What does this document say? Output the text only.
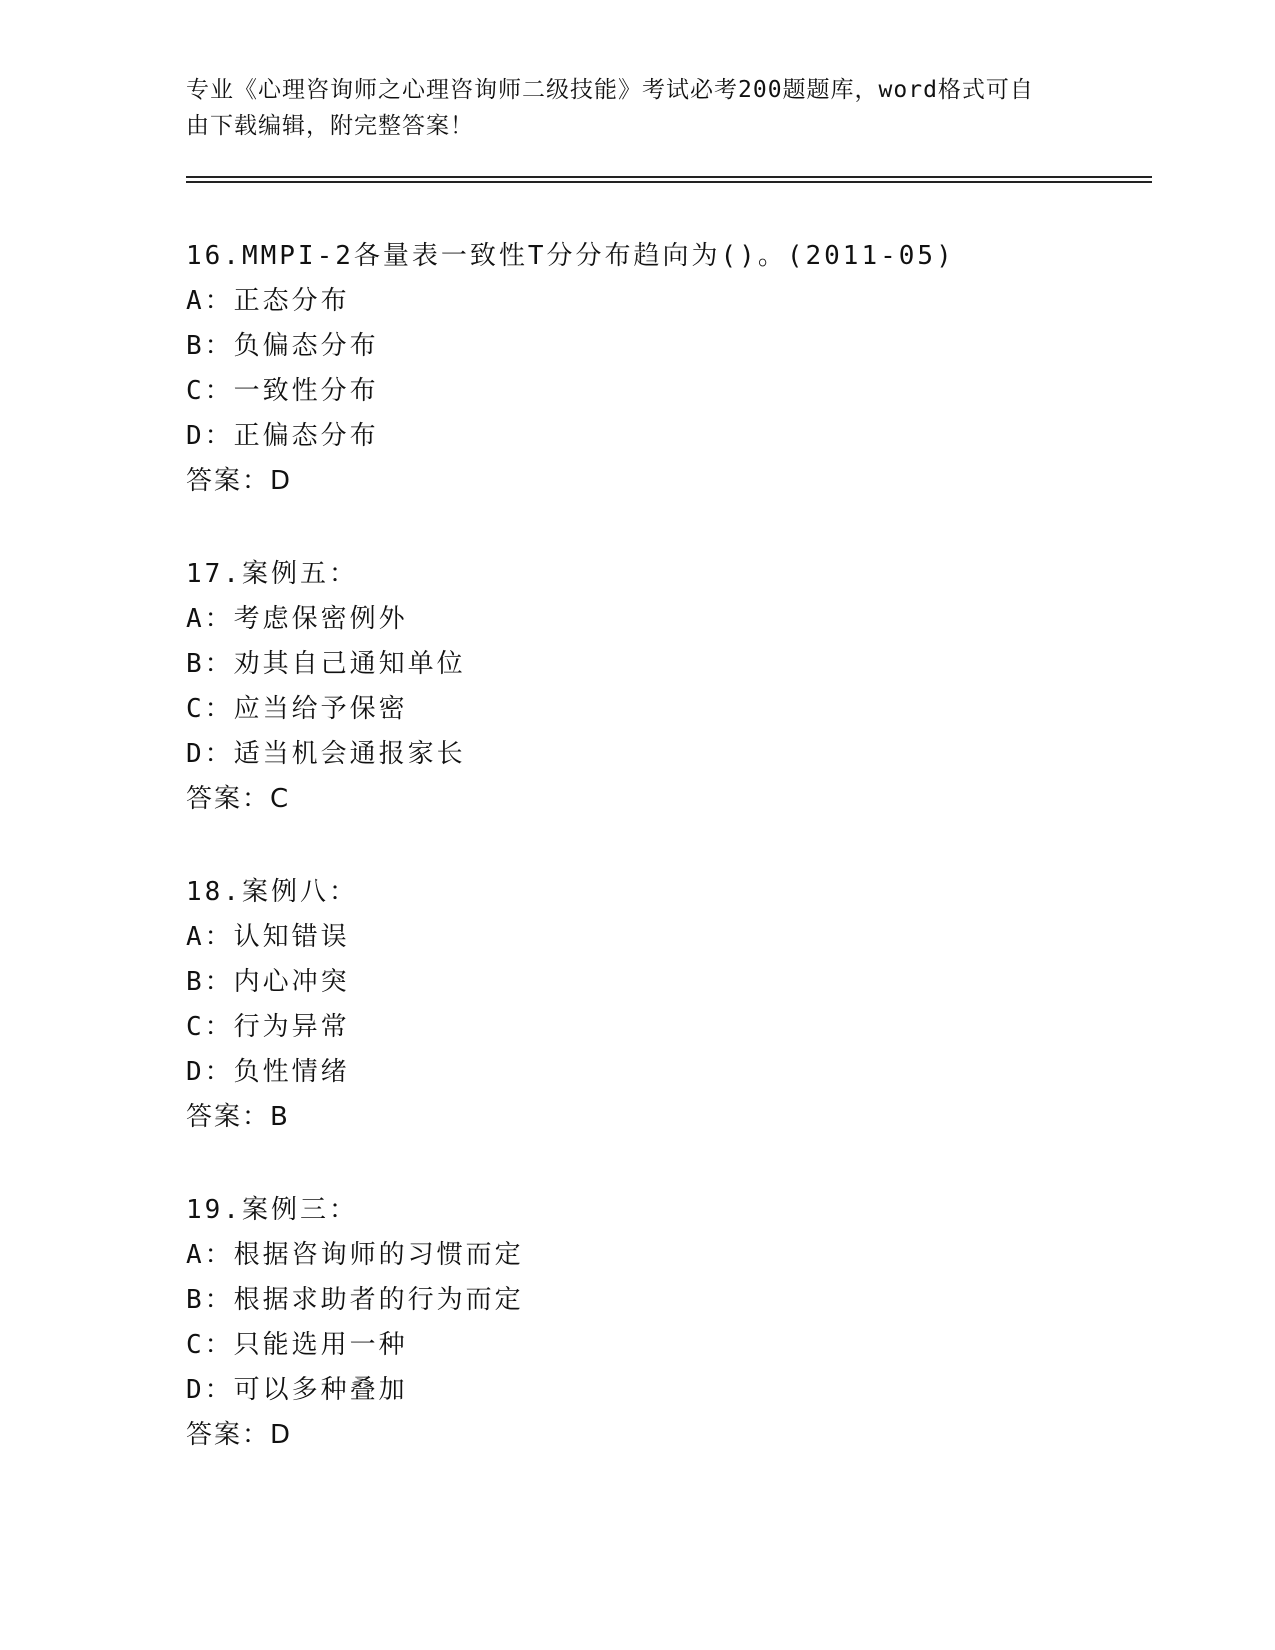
专业《心理咨询师之心理咨询师二级技能》考试必考200题题库，word格式可自
由下载编辑，附完整答案！
16.MMPI-2各量表一致性T分分布趋向为()。(2011-05)
A：正态分布
B：负偏态分布
C：一致性分布
D：正偏态分布
答案：D
17.案例五：
A：考虑保密例外
B：劝其自己通知单位
C：应当给予保密
D：适当机会通报家长
答案：C
18.案例八：
A：认知错误
B：内心冲突
C：行为异常
D：负性情绪
答案：B
19.案例三：
A：根据咨询师的习惯而定
B：根据求助者的行为而定
C：只能选用一种
D：可以多种叠加
答案：D
